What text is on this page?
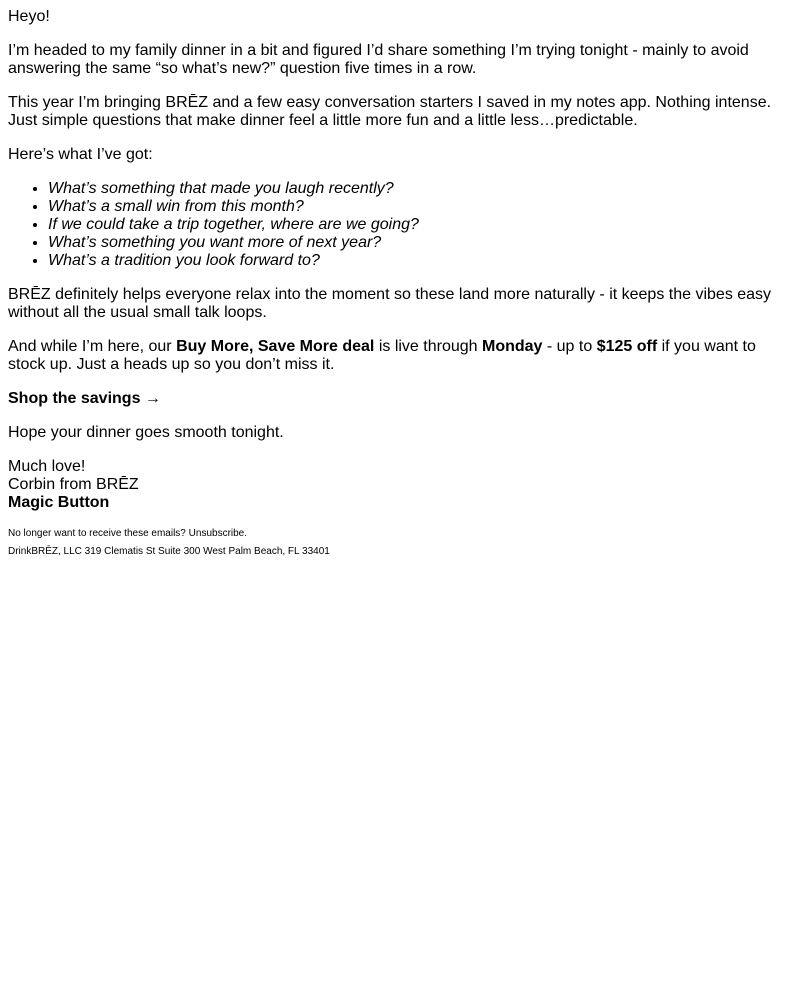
Heyo!

I’m headed to my family dinner in a bit and figured I’d share something I’m trying tonight - mainly to avoid answering the same “so what’s new?” question five times in a row.

This year I’m bringing BRĒZ and a few easy conversation starters I saved in my notes app. Nothing intense. Just simple questions that make dinner feel a little more fun and a little less…predictable.

Here’s what I’ve got:

• What’s something that made you laugh recently?
• What’s a small win from this month?
• If we could take a trip together, where are we going?
• What’s something you want more of next year?
• What’s a tradition you look forward to?

BRĒZ definitely helps everyone relax into the moment so these land more naturally - it keeps the vibes easy without all the usual small talk loops.

And while I’m here, our Buy More, Save More deal is live through Monday - up to $125 off if you want to stock up. Just a heads up so you don’t miss it.

Shop the savings →

Hope your dinner goes smooth tonight.

Much love!
Corbin from BRĒZ
Magic Button

No longer want to receive these emails? Unsubscribe.

DrinkBRĒZ, LLC 319 Clematis St Suite 300 West Palm Beach, FL 33401
